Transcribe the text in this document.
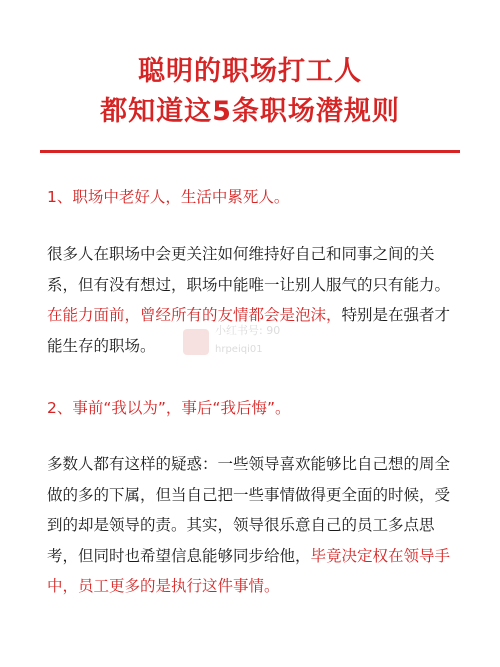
聪明的职场打工人
都知道这5条职场潜规则
1、职场中老好人，生活中累死人。
很多人在职场中会更关注如何维持好自己和同事之间的关
系，但有没有想过，职场中能唯一让别人服气的只有能力。
在能力面前，曾经所有的友情都会是泡沫，特别是在强者才
能生存的职场。
小红书号: 90
hrpeiqi01
2、事前“我以为”，事后“我后悔”。
多数人都有这样的疑惑：一些领导喜欢能够比自己想的周全
做的多的下属，但当自己把一些事情做得更全面的时候，受
到的却是领导的责。其实，领导很乐意自己的员工多点思
考，但同时也希望信息能够同步给他，毕竟决定权在领导手
中，员工更多的是执行这件事情。
